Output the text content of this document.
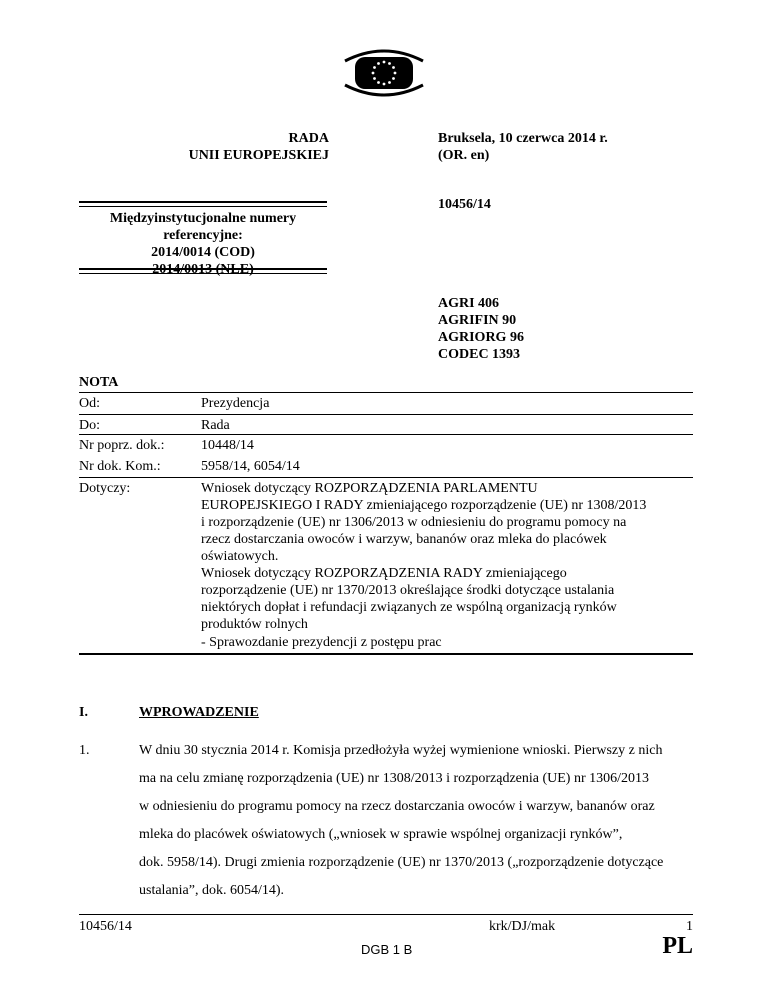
RADA
UNII EUROPEJSKIEJ
Bruksela, 10 czerwca 2014 r.
(OR. en)
10456/14
Międzyinstytucjonalne numery
referencyjne:
2014/0014 (COD)
2014/0013 (NLE)
AGRI 406
AGRIFIN 90
AGRIORG 96
CODEC 1393
NOTA
Od:	Prezydencja
Do:	Rada
Nr poprz. dok.:	10448/14
Nr dok. Kom.:	5958/14, 6054/14
Dotyczy:	Wniosek dotyczący ROZPORZĄDZENIA PARLAMENTU
EUROPEJSKIEGO I RADY zmieniającego rozporządzenie (UE) nr 1308/2013
i rozporządzenie (UE) nr 1306/2013 w odniesieniu do programu pomocy na
rzecz dostarczania owoców i warzyw, bananów oraz mleka do placówek
oświatowych.
Wniosek dotyczący ROZPORZĄDZENIA RADY zmieniającego
rozporządzenie (UE) nr 1370/2013 określające środki dotyczące ustalania
niektórych dopłat i refundacji związanych ze wspólną organizacją rynków
produktów rolnych
- Sprawozdanie prezydencji z postępu prac
I.	WPROWADZENIE
1.	W dniu 30 stycznia 2014 r. Komisja przedłożyła wyżej wymienione wnioski. Pierwszy z nich
ma na celu zmianę rozporządzenia (UE) nr 1308/2013 i rozporządzenia (UE) nr 1306/2013
w odniesieniu do programu pomocy na rzecz dostarczania owoców i warzyw, bananów oraz
mleka do placówek oświatowych („wniosek w sprawie wspólnej organizacji rynków”,
dok. 5958/14). Drugi zmienia rozporządzenie (UE) nr 1370/2013 („rozporządzenie dotyczące
ustalania”, dok. 6054/14).
10456/14	krk/DJ/mak	1
DGB 1 B	PL
